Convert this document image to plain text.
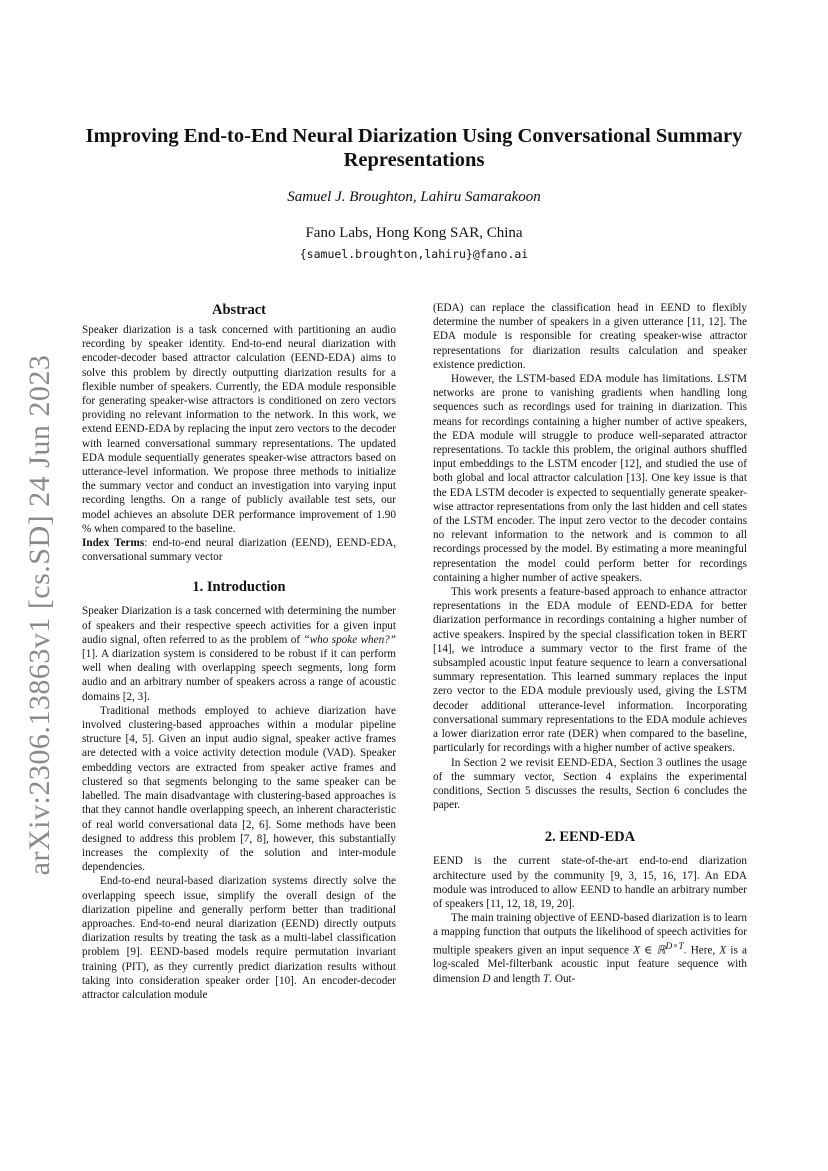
arXiv:2306.13863v1 [cs.SD] 24 Jun 2023
Improving End-to-End Neural Diarization Using Conversational Summary Representations
Samuel J. Broughton, Lahiru Samarakoon
Fano Labs, Hong Kong SAR, China
{samuel.broughton,lahiru}@fano.ai
Abstract

Speaker diarization is a task concerned with partitioning an audio recording by speaker identity. End-to-end neural diarization with encoder-decoder based attractor calculation (EEND-EDA) aims to solve this problem by directly outputting diarization results for a flexible number of speakers. Currently, the EDA module responsible for generating speaker-wise attractors is conditioned on zero vectors providing no relevant information to the network. In this work, we extend EEND-EDA by replacing the input zero vectors to the decoder with learned conversational summary representations. The updated EDA module sequentially generates speaker-wise attractors based on utterance-level information. We propose three methods to initialize the summary vector and conduct an investigation into varying input recording lengths. On a range of publicly available test sets, our model achieves an absolute DER performance improvement of 1.90 % when compared to the baseline.

Index Terms: end-to-end neural diarization (EEND), EEND-EDA, conversational summary vector

1. Introduction

Speaker Diarization is a task concerned with determining the number of speakers and their respective speech activities for a given input audio signal, often referred to as the problem of “who spoke when?” [1]. A diarization system is considered to be robust if it can perform well when dealing with overlapping speech segments, long form audio and an arbitrary number of speakers across a range of acoustic domains [2, 3].

Traditional methods employed to achieve diarization have involved clustering-based approaches within a modular pipeline structure [4, 5]. Given an input audio signal, speaker active frames are detected with a voice activity detection module (VAD). Speaker embedding vectors are extracted from speaker active frames and clustered so that segments belonging to the same speaker can be labelled. The main disadvantage with clustering-based approaches is that they cannot handle overlapping speech, an inherent characteristic of real world conversational data [2, 6]. Some methods have been designed to address this problem [7, 8], however, this substantially increases the complexity of the solution and inter-module dependencies.

End-to-end neural-based diarization systems directly solve the overlapping speech issue, simplify the overall design of the diarization pipeline and generally perform better than traditional approaches. End-to-end neural diarization (EEND) directly outputs diarization results by treating the task as a multi-label classification problem [9]. EEND-based models require permutation invariant training (PIT), as they currently predict diarization results without taking into consideration speaker order [10]. An encoder-decoder attractor calculation module

(EDA) can replace the classification head in EEND to flexibly determine the number of speakers in a given utterance [11, 12]. The EDA module is responsible for creating speaker-wise attractor representations for diarization results calculation and speaker existence prediction.

However, the LSTM-based EDA module has limitations. LSTM networks are prone to vanishing gradients when handling long sequences such as recordings used for training in diarization. This means for recordings containing a higher number of active speakers, the EDA module will struggle to produce well-separated attractor representations. To tackle this problem, the original authors shuffled input embeddings to the LSTM encoder [12], and studied the use of both global and local attractor calculation [13]. One key issue is that the EDA LSTM decoder is expected to sequentially generate speaker-wise attractor representations from only the last hidden and cell states of the LSTM encoder. The input zero vector to the decoder contains no relevant information to the network and is common to all recordings processed by the model. By estimating a more meaningful representation the model could perform better for recordings containing a higher number of active speakers.

This work presents a feature-based approach to enhance attractor representations in the EDA module of EEND-EDA for better diarization performance in recordings containing a higher number of active speakers. Inspired by the special classification token in BERT [14], we introduce a summary vector to the first frame of the subsampled acoustic input feature sequence to learn a conversational summary representation. This learned summary replaces the input zero vector to the EDA module previously used, giving the LSTM decoder additional utterance-level information. Incorporating conversational summary representations to the EDA module achieves a lower diarization error rate (DER) when compared to the baseline, particularly for recordings with a higher number of active speakers.

In Section 2 we revisit EEND-EDA, Section 3 outlines the usage of the summary vector, Section 4 explains the experimental conditions, Section 5 discusses the results, Section 6 concludes the paper.

2. EEND-EDA

EEND is the current state-of-the-art end-to-end diarization architecture used by the community [9, 3, 15, 16, 17]. An EDA module was introduced to allow EEND to handle an arbitrary number of speakers [11, 12, 18, 19, 20].

The main training objective of EEND-based diarization is to learn a mapping function that outputs the likelihood of speech activities for multiple speakers given an input sequence X ∈ ℝ$^{D\times T}$. Here, X is a log-scaled Mel-filterbank acoustic input feature sequence with dimension D and length T. Out-
